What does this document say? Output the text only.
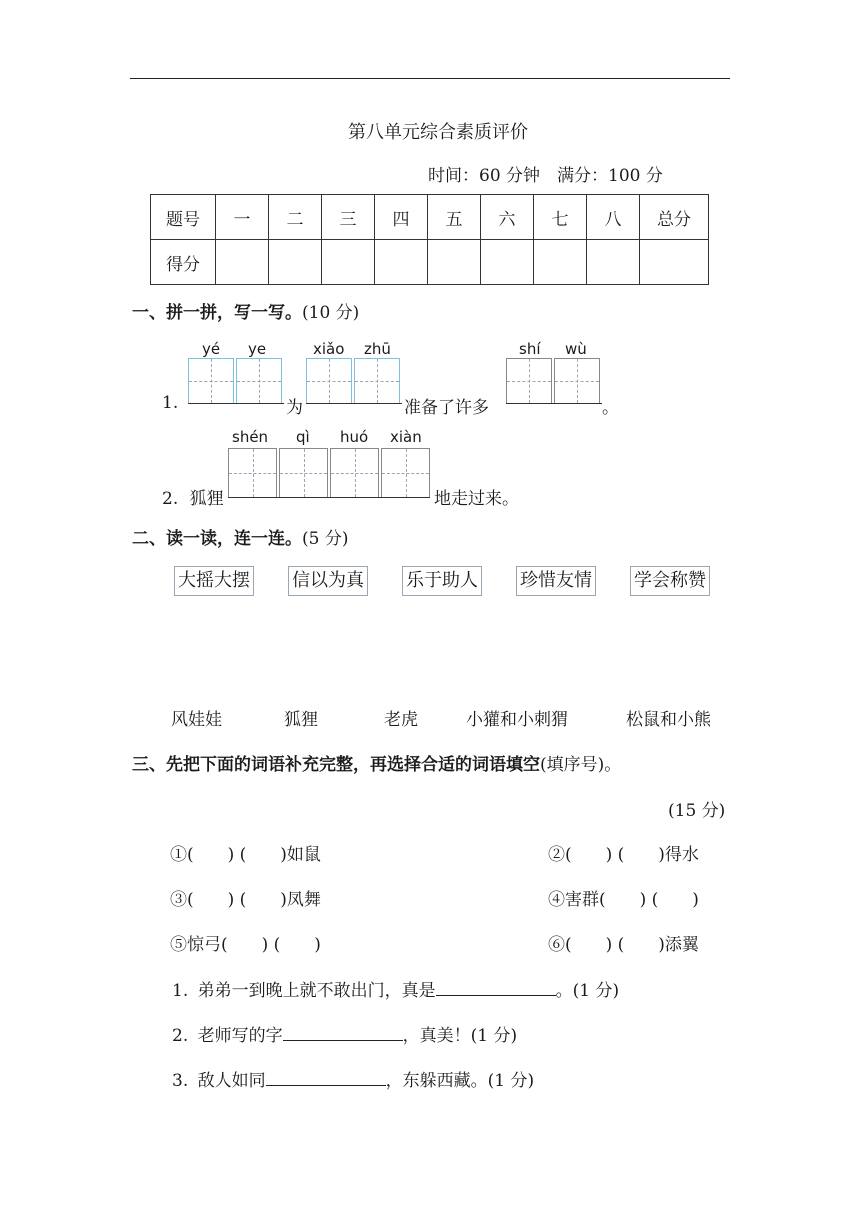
第八单元综合素质评价
时间：60 分钟　满分：100 分
题号	一	二	三	四	五	六	七	八	总分
得分									
一、拼一拼，写一写。(10 分)
yé ye	xiǎo zhū	shí wù
1.	为	准备了许多	。
shén qì huó xiàn
2. 狐狸	地走过来。
二、读一读，连一连。(5 分)
大摇大摆 信以为真 乐于助人 珍惜友情 学会称赞
风娃娃	狐狸	老虎	小獾和小刺猬	松鼠和小熊
三、先把下面的词语补充完整，再选择合适的词语填空(填序号)。
(15 分)
①(　　) (　　)如鼠	②(　　) (　　)得水
③(　　) (　　)凤舞	④害群(　　) (　　)
⑤惊弓(　　) (　　)	⑥(　　) (　　)添翼
1. 弟弟一到晚上就不敢出门，真是	。(1 分)
2. 老师写的字	，真美！(1 分)
3. 敌人如同	，东躲西藏。(1 分)
